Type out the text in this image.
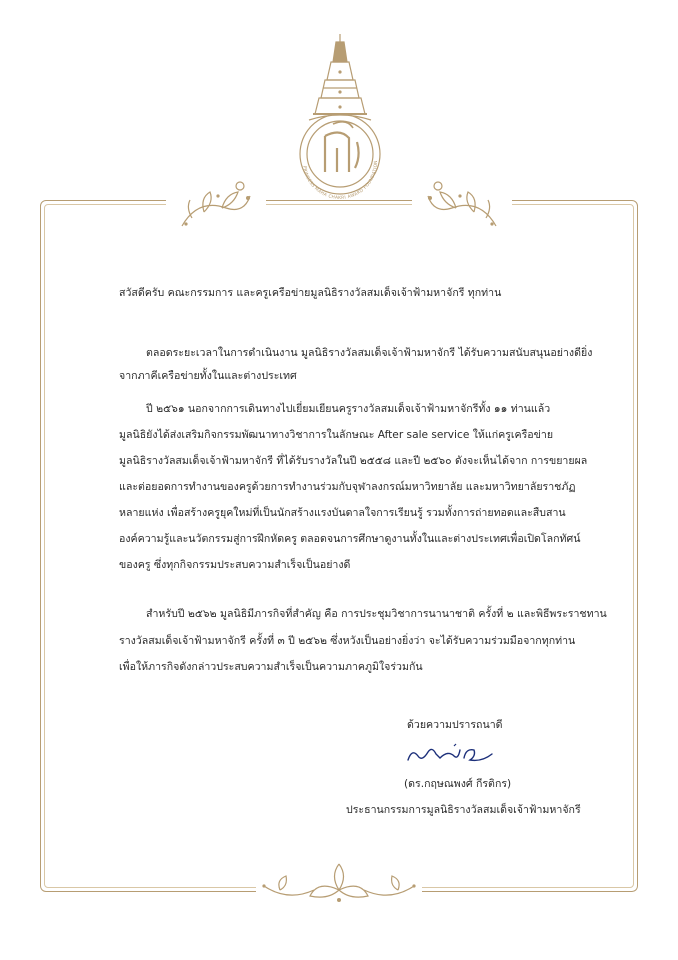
PRINCESS MAHA CHAKRI AWARD FOUNDATION
สวัสดีครับ คณะกรรมการ และครูเครือข่ายมูลนิธิรางวัลสมเด็จเจ้าฟ้ามหาจักรี ทุกท่าน
ตลอดระยะเวลาในการดำเนินงาน มูลนิธิรางวัลสมเด็จเจ้าฟ้ามหาจักรี ได้รับความสนับสนุนอย่างดียิ่ง
จากภาคีเครือข่ายทั้งในและต่างประเทศ
ปี ๒๕๖๑ นอกจากการเดินทางไปเยี่ยมเยียนครูรางวัลสมเด็จเจ้าฟ้ามหาจักรีทั้ง ๑๑ ท่านแล้ว
มูลนิธิยังได้ส่งเสริมกิจกรรมพัฒนาทางวิชาการในลักษณะ After sale service ให้แก่ครูเครือข่าย
มูลนิธิรางวัลสมเด็จเจ้าฟ้ามหาจักรี ที่ได้รับรางวัลในปี ๒๕๕๘ และปี ๒๕๖๐ ดังจะเห็นได้จาก การขยายผล
และต่อยอดการทำงานของครูด้วยการทำงานร่วมกับจุฬาลงกรณ์มหาวิทยาลัย และมหาวิทยาลัยราชภัฏ
หลายแห่ง เพื่อสร้างครูยุคใหม่ที่เป็นนักสร้างแรงบันดาลใจการเรียนรู้ รวมทั้งการถ่ายทอดและสืบสาน
องค์ความรู้และนวัตกรรมสู่การฝึกหัดครู ตลอดจนการศึกษาดูงานทั้งในและต่างประเทศเพื่อเปิดโลกทัศน์
ของครู ซึ่งทุกกิจกรรมประสบความสำเร็จเป็นอย่างดี
สำหรับปี ๒๕๖๒ มูลนิธิมีภารกิจที่สำคัญ คือ การประชุมวิชาการนานาชาติ ครั้งที่ ๒ และพิธีพระราชทาน
รางวัลสมเด็จเจ้าฟ้ามหาจักรี ครั้งที่ ๓ ปี ๒๕๖๒ ซึ่งหวังเป็นอย่างยิ่งว่า จะได้รับความร่วมมือจากทุกท่าน
เพื่อให้ภารกิจดังกล่าวประสบความสำเร็จเป็นความภาคภูมิใจร่วมกัน
ด้วยความปรารถนาดี
(ดร.กฤษณพงศ์ กีรติกร)
ประธานกรรมการมูลนิธิรางวัลสมเด็จเจ้าฟ้ามหาจักรี
